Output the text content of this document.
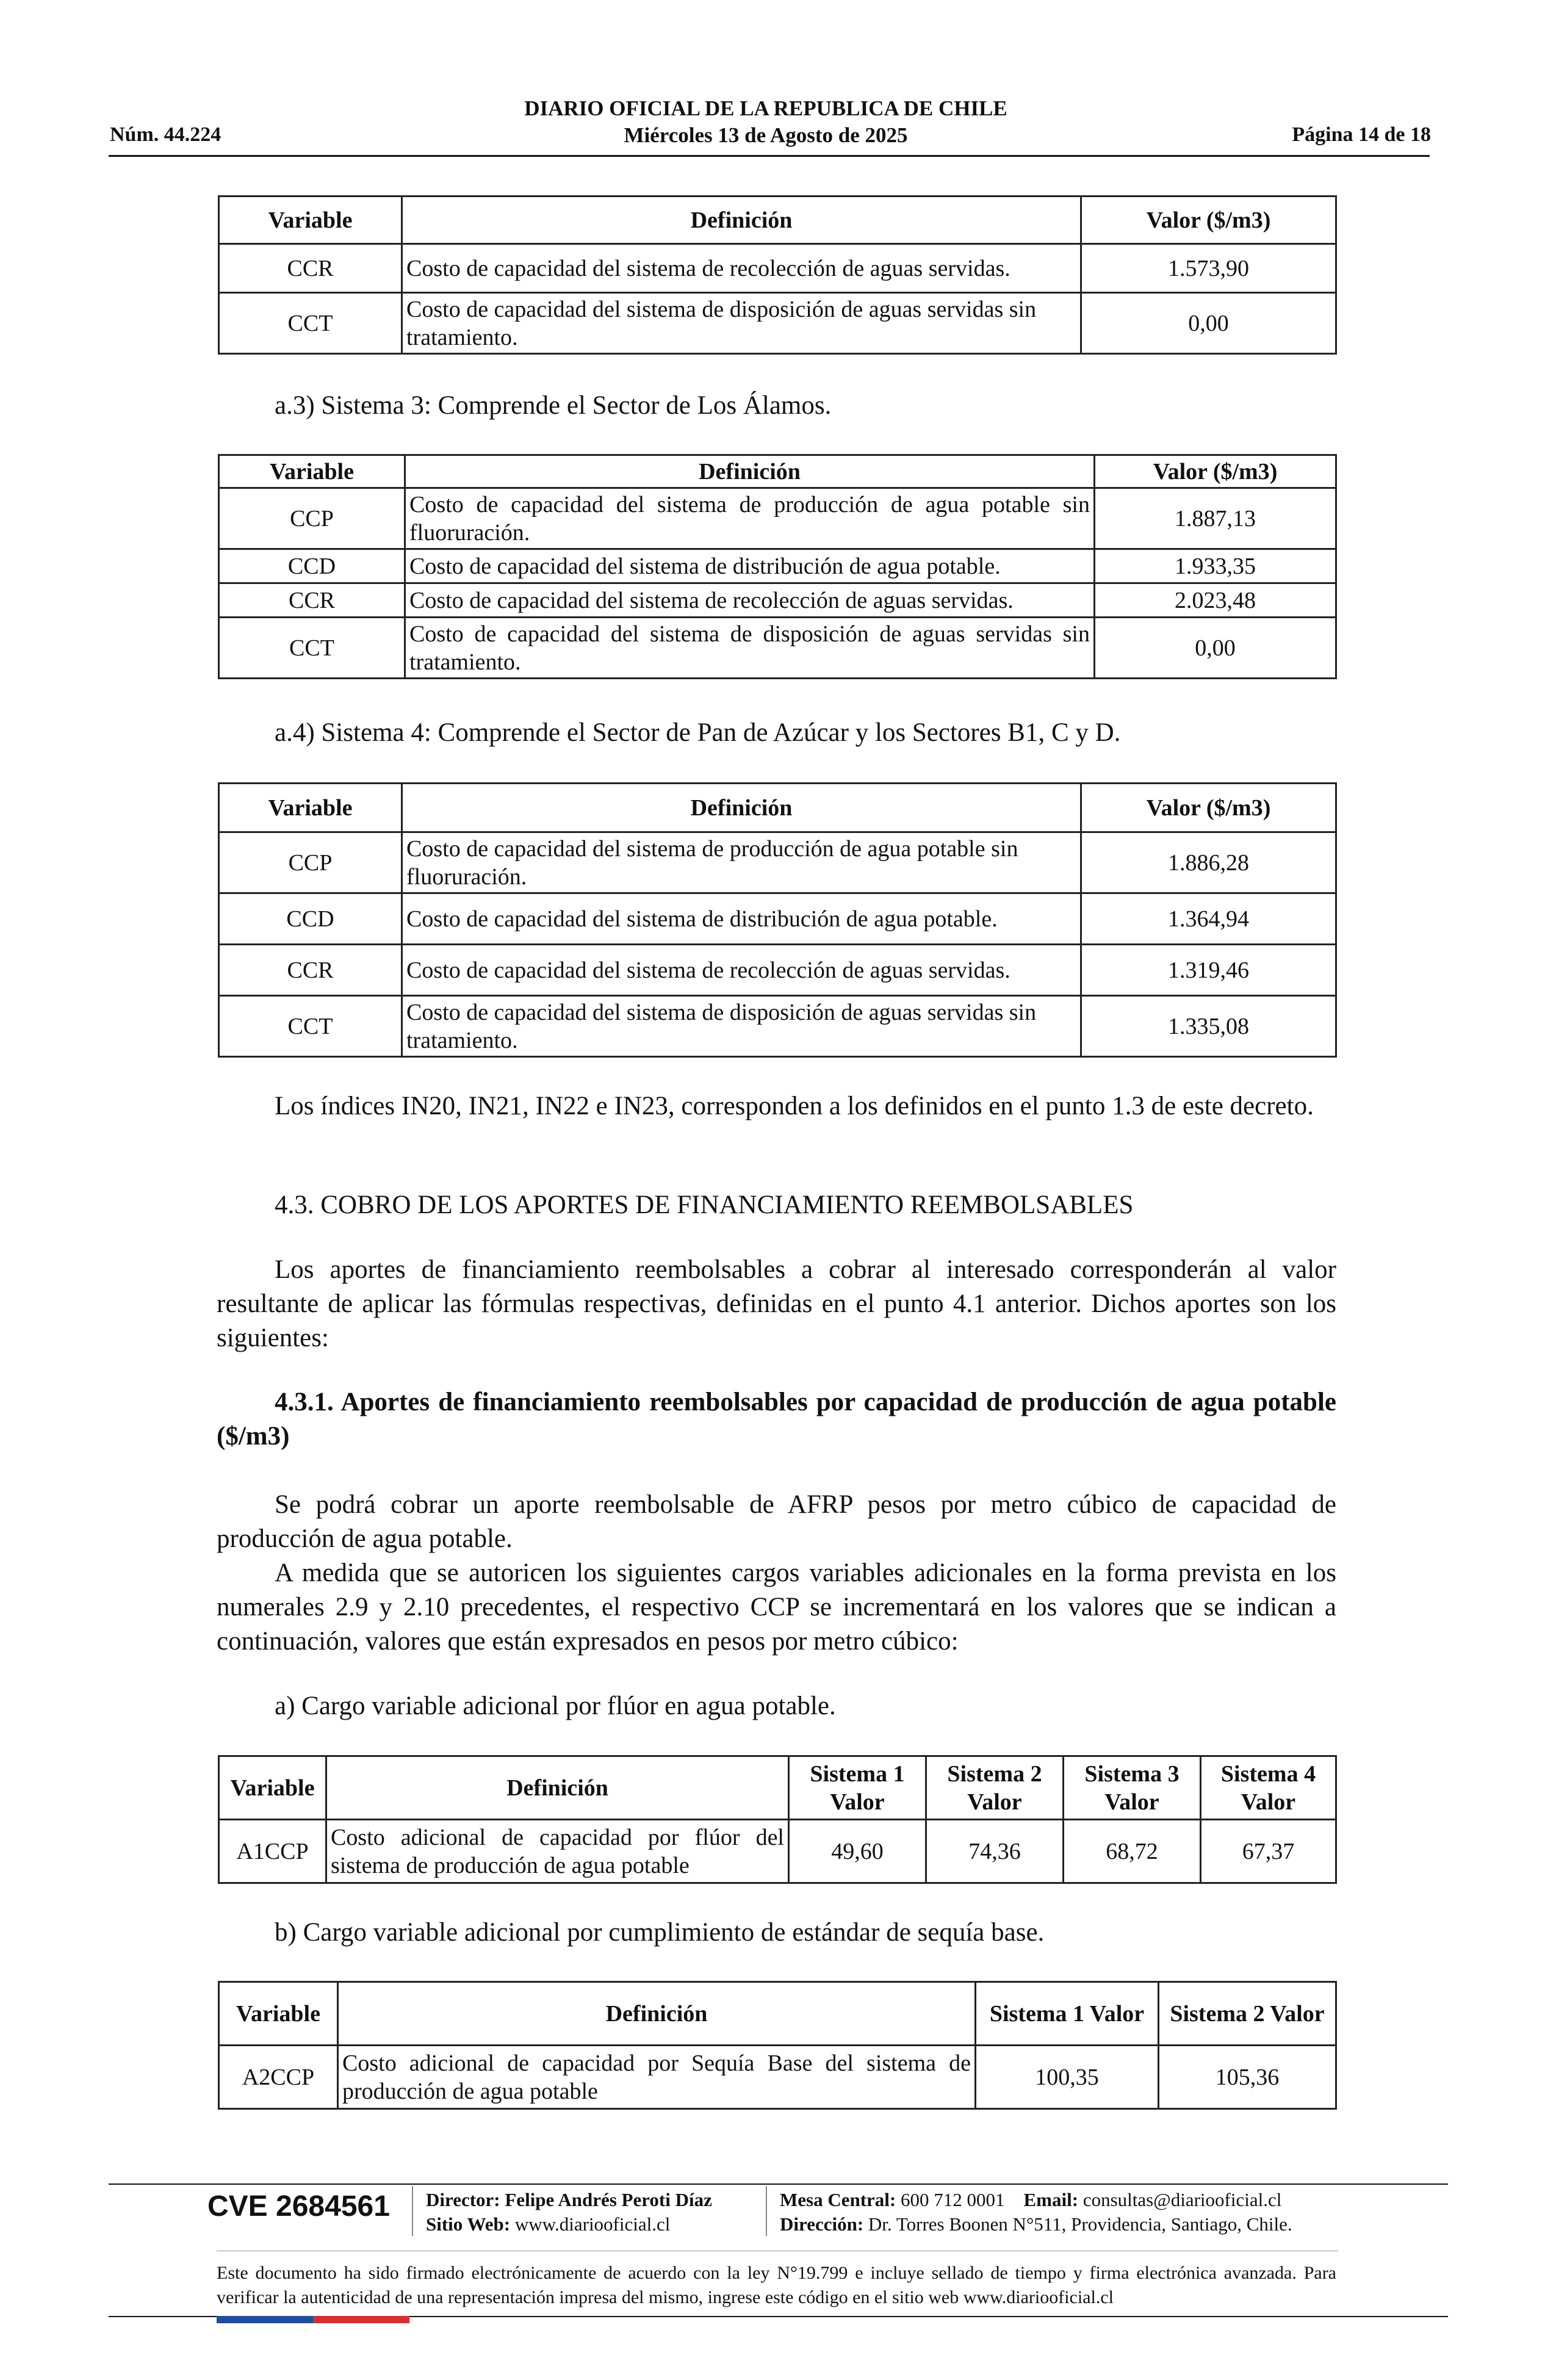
DIARIO OFICIAL DE LA REPUBLICA DE CHILE
Miércoles 13 de Agosto de 2025
Núm. 44.224	Página 14 de 18
Variable	Definición	Valor ($/m3)
CCR	Costo de capacidad del sistema de recolección de aguas servidas.	1.573,90
CCT	Costo de capacidad del sistema de disposición de aguas servidas sin tratamiento.	0,00
a.3) Sistema 3: Comprende el Sector de Los Álamos.
Variable	Definición	Valor ($/m3)
CCP	Costo de capacidad del sistema de producción de agua potable sin fluoruración.	1.887,13
CCD	Costo de capacidad del sistema de distribución de agua potable.	1.933,35
CCR	Costo de capacidad del sistema de recolección de aguas servidas.	2.023,48
CCT	Costo de capacidad del sistema de disposición de aguas servidas sin tratamiento.	0,00
a.4) Sistema 4: Comprende el Sector de Pan de Azúcar y los Sectores B1, C y D.
Variable	Definición	Valor ($/m3)
CCP	Costo de capacidad del sistema de producción de agua potable sin fluoruración.	1.886,28
CCD	Costo de capacidad del sistema de distribución de agua potable.	1.364,94
CCR	Costo de capacidad del sistema de recolección de aguas servidas.	1.319,46
CCT	Costo de capacidad del sistema de disposición de aguas servidas sin tratamiento.	1.335,08
Los índices IN20, IN21, IN22 e IN23, corresponden a los definidos en el punto 1.3 de este decreto.
4.3. COBRO DE LOS APORTES DE FINANCIAMIENTO REEMBOLSABLES
Los aportes de financiamiento reembolsables a cobrar al interesado corresponderán al valor resultante de aplicar las fórmulas respectivas, definidas en el punto 4.1 anterior. Dichos aportes son los siguientes:
4.3.1. Aportes de financiamiento reembolsables por capacidad de producción de agua potable ($/m3)
Se podrá cobrar un aporte reembolsable de AFRP pesos por metro cúbico de capacidad de producción de agua potable.
A medida que se autoricen los siguientes cargos variables adicionales en la forma prevista en los numerales 2.9 y 2.10 precedentes, el respectivo CCP se incrementará en los valores que se indican a continuación, valores que están expresados en pesos por metro cúbico:
a) Cargo variable adicional por flúor en agua potable.
Variable	Definición	Sistema 1 Valor	Sistema 2 Valor	Sistema 3 Valor	Sistema 4 Valor
A1CCP	Costo adicional de capacidad por flúor del sistema de producción de agua potable	49,60	74,36	68,72	67,37
b) Cargo variable adicional por cumplimiento de estándar de sequía base.
Variable	Definición	Sistema 1 Valor	Sistema 2 Valor
A2CCP	Costo adicional de capacidad por Sequía Base del sistema de producción de agua potable	100,35	105,36
CVE 2684561 Director: Felipe Andrés Peroti Díaz
Sitio Web: www.diariooficial.cl
Mesa Central: 600 712 0001 Email: consultas@diariooficial.cl
Dirección: Dr. Torres Boonen N°511, Providencia, Santiago, Chile.
Este documento ha sido firmado electrónicamente de acuerdo con la ley N°19.799 e incluye sellado de tiempo y firma electrónica avanzada. Para verificar la autenticidad de una representación impresa del mismo, ingrese este código en el sitio web www.diariooficial.cl
